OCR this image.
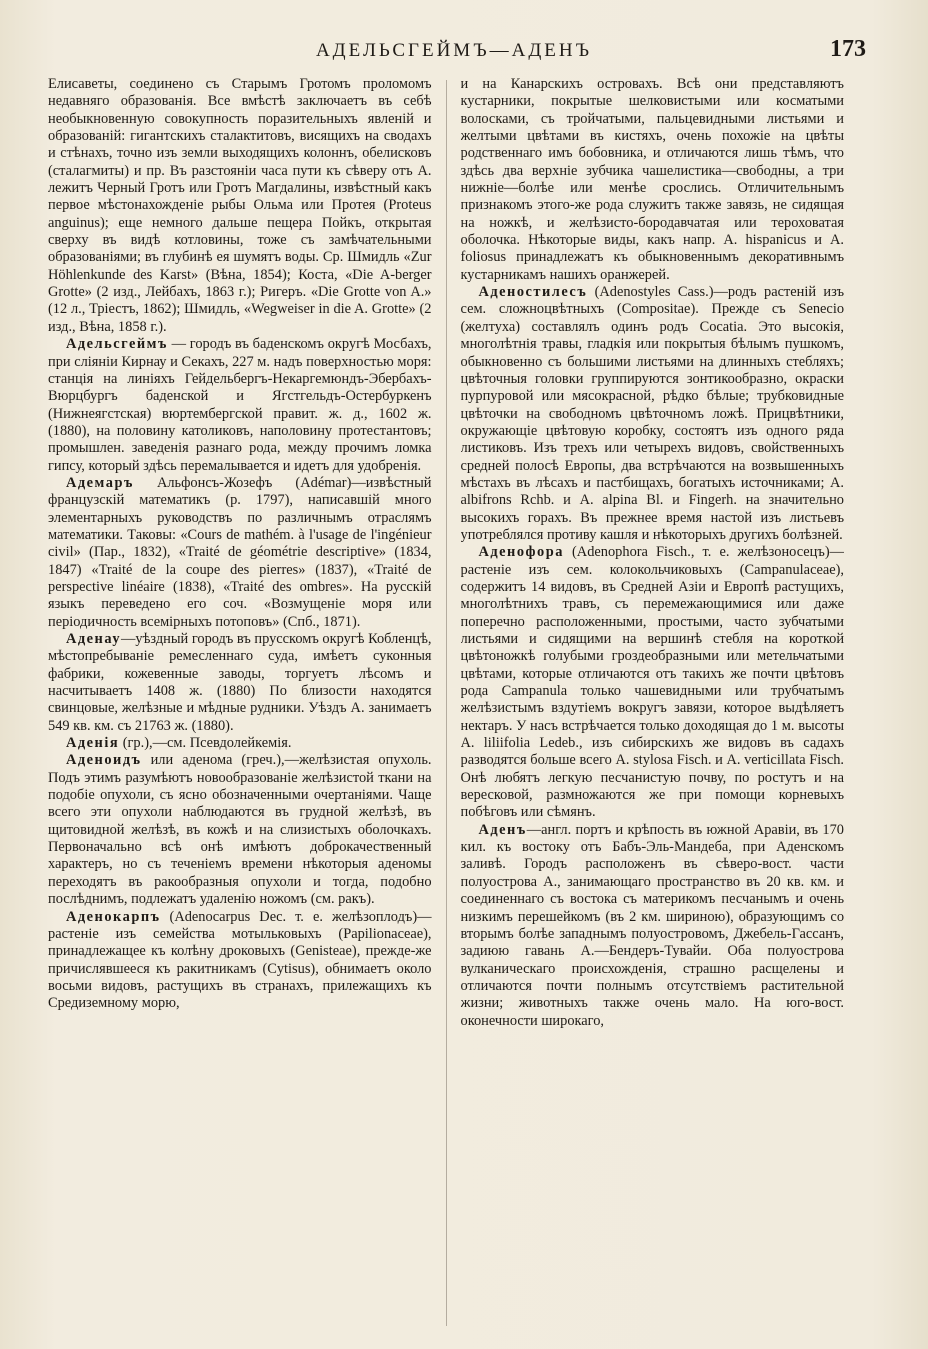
АДЕЛЬСГЕЙМЪ—АДЕНЪ	173

Елисаветы, соединено съ Старымъ Гротомъ проломомъ недавняго образованія. Все вмѣстѣ заключаетъ въ себѣ необыкновенную совокупность поразительныхъ явленій и образованій: гигантскихъ сталактитовъ, висящихъ на сводахъ и стѣнахъ, точно изъ земли выходящихъ колоннъ, обелисковъ (сталагмиты) и пр. Въ разстояніи часа пути къ сѣверу отъ А. лежитъ Черный Гротъ или Гротъ Магдалины, извѣстный какъ первое мѣстонахожденіе рыбы Ольма или Протея (Proteus anguinus); еще немного дальше пещера Пойкъ, открытая сверху въ видѣ котловины, тоже съ замѣчательными образованіями; въ глубинѣ ея шумятъ воды. Ср. Шмидль «Zur Höhlenkunde des Karst» (Вѣна, 1854); Коста, «Die A-berger Grotte» (2 изд., Лейбахъ, 1863 г.); Ригеръ. «Die Grotte von A.» (12 л., Тріестъ, 1862); Шмидль, «Wegweiser in die A. Grotte» (2 изд., Вѣна, 1858 г.).

Адельсгеймъ — городъ въ баденскомъ округѣ Мосбахъ, при сліяніи Кирнау и Секахъ, 227 м. надъ поверхностью моря: станція на линіяхъ Гейдельбергъ-Некаргемюндъ-Эбербахъ-Вюрцбургъ баденской и Ягстгельдъ-Остербуркенъ (Нижнеягстская) вюртембергской правит. ж. д., 1602 ж. (1880), на половину католиковъ, наполовину протестантовъ; промышлен. заведенія разнаго рода, между прочимъ ломка гипсу, который здѣсь перемалывается и идетъ для удобренія.

Адемаръ Альфонсъ-Жозефъ (Adémar)—извѣстный французскій математикъ (р. 1797), написавшій много элементарныхъ руководствъ по различнымъ отраслямъ математики. Таковы: «Cours de mathém. à l'usage de l'ingénieur civil» (Пар., 1832), «Traité de géométrie descriptive» (1834, 1847) «Traité de la coupe des pierres» (1837), «Traité de perspective linéaire (1838), «Traité des ombres». На русскій языкъ переведено его соч. «Возмущеніе моря или періодичность всемірныхъ потоповъ» (Спб., 1871).

Аденау—уѣздный городъ въ прусскомъ округѣ Кобленцѣ, мѣстопребываніе ремесленнаго суда, имѣетъ суконныя фабрики, кожевенные заводы, торгуетъ лѣсомъ и насчитываетъ 1408 ж. (1880) По близости находятся свинцовые, желѣзные и мѣдные рудники. Уѣздъ А. занимаетъ 549 кв. км. съ 21763 ж. (1880).

Аденія (гр.),—см. Псевдолейкемія.

Аденоидъ или аденома (греч.),—желѣзистая опухоль. Подъ этимъ разумѣютъ новообразованіе желѣзистой ткани на подобіе опухоли, съ ясно обозначенными очертаніями. Чаще всего эти опухоли наблюдаются въ грудной желѣзѣ, въ щитовидной желѣзѣ, въ кожѣ и на слизистыхъ оболочкахъ. Первоначально всѣ онѣ имѣютъ доброкачественный характеръ, но съ теченіемъ времени нѣкоторыя аденомы переходятъ въ ракообразныя опухоли и тогда, подобно послѣднимъ, подлежатъ удаленію ножомъ (см. ракъ).

Аденокарпъ (Adenocarpus Dec. т. е. желѣзоплодъ)—растеніе изъ семейства мотыльковыхъ (Papilionaceae), принадлежащее къ колѣну дроковыхъ (Genisteae), прежде-же причислявшееся къ ракитникамъ (Cytisus), обнимаетъ около восьми видовъ, растущихъ въ странахъ, прилежащихъ къ Средиземному морю,

и на Канарскихъ островахъ. Всѣ они представляютъ кустарники, покрытые шелковистыми или косматыми волосками, съ тройчатыми, пальцевидными листьями и желтыми цвѣтами въ кистяхъ, очень похожіе на цвѣты родственнаго имъ бобовника, и отличаются лишь тѣмъ, что здѣсь два верхніе зубчика чашелистика—свободны, а три нижніе—болѣе или менѣе срослись. Отличительнымъ признакомъ этого-же рода служитъ также завязь, не сидящая на ножкѣ, и желѣзисто-бородавчатая или тероховатая оболочка. Нѣкоторые виды, какъ напр. A. hispanicus и A. foliosus принадлежатъ къ обыкновеннымъ декоративнымъ кустарникамъ нашихъ оранжерей.

Аденостилесъ (Adenostyles Cass.)—родъ растеній изъ сем. сложноцвѣтныхъ (Compositae). Прежде съ Senecio (желтуха) составлялъ одинъ родъ Cocatia. Это высокія, многолѣтнія травы, гладкія или покрытыя бѣлымъ пушкомъ, обыкновенно съ большими листьями на длинныхъ стебляхъ; цвѣточныя головки группируются зонтикообразно, окраски пурпуровой или мясокрасной, рѣдко бѣлые; трубковидные цвѣточки на свободномъ цвѣточномъ ложѣ. Прицвѣтники, окружающіе цвѣтовую коробку, состоятъ изъ одного ряда листиковъ. Изъ трехъ или четырехъ видовъ, свойственныхъ средней полосѣ Европы, два встрѣчаются на возвышенныхъ мѣстахъ въ лѣсахъ и пастбищахъ, богатыхъ источниками; A. albifrons Rchb. и A. alpina Bl. и Fingerh. на значительно высокихъ горахъ. Въ прежнее время настой изъ листьевъ употреблялся противу кашля и нѣкоторыхъ другихъ болѣзней.

Аденофора (Adenophora Fisch., т. е. желѣзоносецъ)—растеніе изъ сем. колокольчиковыхъ (Campanulaceae), содержитъ 14 видовъ, въ Средней Азіи и Европѣ растущихъ, многолѣтнихъ травъ, съ перемежающимися или даже поперечно расположенными, простыми, часто зубчатыми листьями и сидящими на вершинѣ стебля на короткой цвѣтоножкѣ голубыми гроздеобразными или метельчатыми цвѣтами, которые отличаются отъ такихъ же почти цвѣтовъ рода Campanula только чашевидными или трубчатымъ желѣзистымъ вздутіемъ вокругъ завязи, которое выдѣляетъ нектаръ. У насъ встрѣчается только доходящая до 1 м. высоты A. liliifolia Ledeb., изъ сибирскихъ же видовъ въ садахъ разводятся больше всего A. stylosa Fisch. и A. verticillata Fisch. Онѣ любятъ легкую песчанистую почву, по ростутъ и на вересковой, размножаются же при помощи корневыхъ побѣговъ или сѣмянъ.

Аденъ—англ. портъ и крѣпость въ южной Аравіи, въ 170 кил. къ востоку отъ Бабъ-Эль-Мандеба, при Аденскомъ заливѣ. Городъ расположенъ въ сѣверо-вост. части полуострова А., занимающаго пространство въ 20 кв. км. и соединеннаго съ востока съ материкомъ песчанымъ и очень низкимъ перешейкомъ (въ 2 км. шириною), образующимъ со вторымъ болѣе западнымъ полуостровомъ, Джебель-Гассанъ, задиюю гавань А.—Бендеръ-Тувайи. Оба полуострова вулканическаго происхожденія, страшно расщелены и отличаются почти полнымъ отсутствіемъ растительной жизни; животныхъ также очень мало. На юго-вост. оконечности широкаго,
